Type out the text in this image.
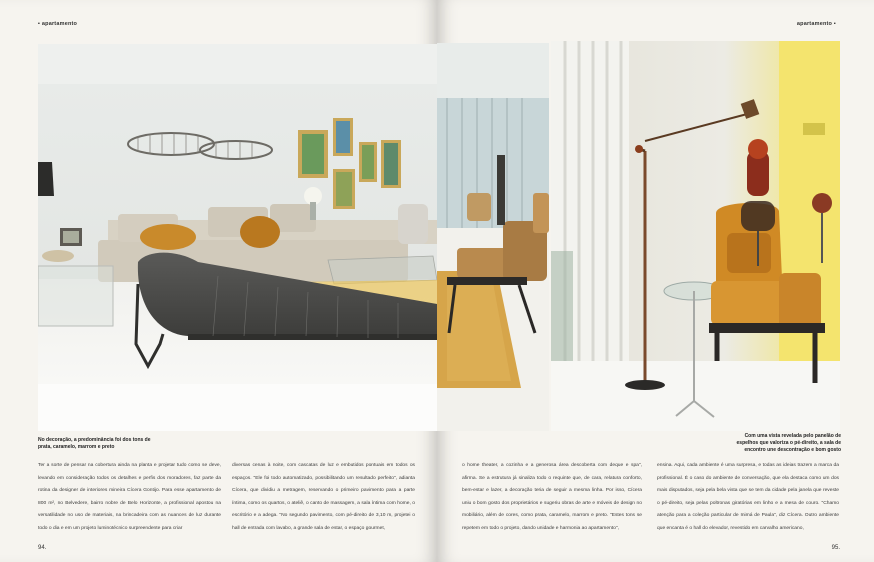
▪ apartamento
No decoração, a predominância foi dos tons de prata, caramelo, marrom e preto

Ter a sorte de pensar na cobertura ainda na planta e projetar tudo como se deve, levando em consideração todos os detalhes e perfis dos moradores, faz parte da rotina da designer de interiores mineira Cícera Gontijo. Para esse apartamento de 800 m², no Belvedere, bairro nobre de Belo Horizonte, a profissional apostou na versatilidade no uso de materiais, na brincadeira com as nuances de luz durante todo o dia e em um projeto luminotécnico surpreendente para criar

diversas cenas à noite, com cascatas de luz e embutidos pontuais em todos os espaços. "Ele foi todo automatizado, possibilitando um resultado perfeito", adianta Cícera, que dividiu a metragem, reservando o primeiro pavimento para a parte íntima, como os quartos, o ateliê, o canto de massagem, a sala íntima com home, o escritório e a adega. "No segundo pavimento, com pé-direito de 3,10 m, projetei o hall de entrada com lavabo, a grande sala de estar, o espaço gourmet,

94.
apartamento ▪
Com uma vista revelada pelo panelão de espelhos que valoriza o pé-direito, a sala de encontro une descontração e bom gosto

o home theater, a cozinha e a generosa área descoberta com deque e spa", afirma. Se a estrutura já sinaliza todo o requinte que, de cara, relatura conforto, bem-estar e lazer, a decoração teria de seguir a mesma linha. Por isso, Cícera uniu o bom gosto dos proprietários e sugeriu obras de arte e móveis de design no mobiliário, além de cores, como prata, caramelo, marrom e preto. "Estes tons se repetem em todo o projeto, dando unidade e harmonia ao apartamento",

ensina. Aqui, cada ambiente é uma surpresa, e todas as ideias trazem a marca da profissional. É o caso do ambiente de conversação, que ela destaca como um dos mais disputados, seja pela bela vista que se tem da cidade pela janela que reveste o pé-direito, seja pelas poltronas giratórias em linho e a mesa de couro. "Chamo atenção para a coleção particular de Inimá de Paula", diz Cícera. Outro ambiente que encanta é o hall do elevador, revestido em carvalho americano,

95.
